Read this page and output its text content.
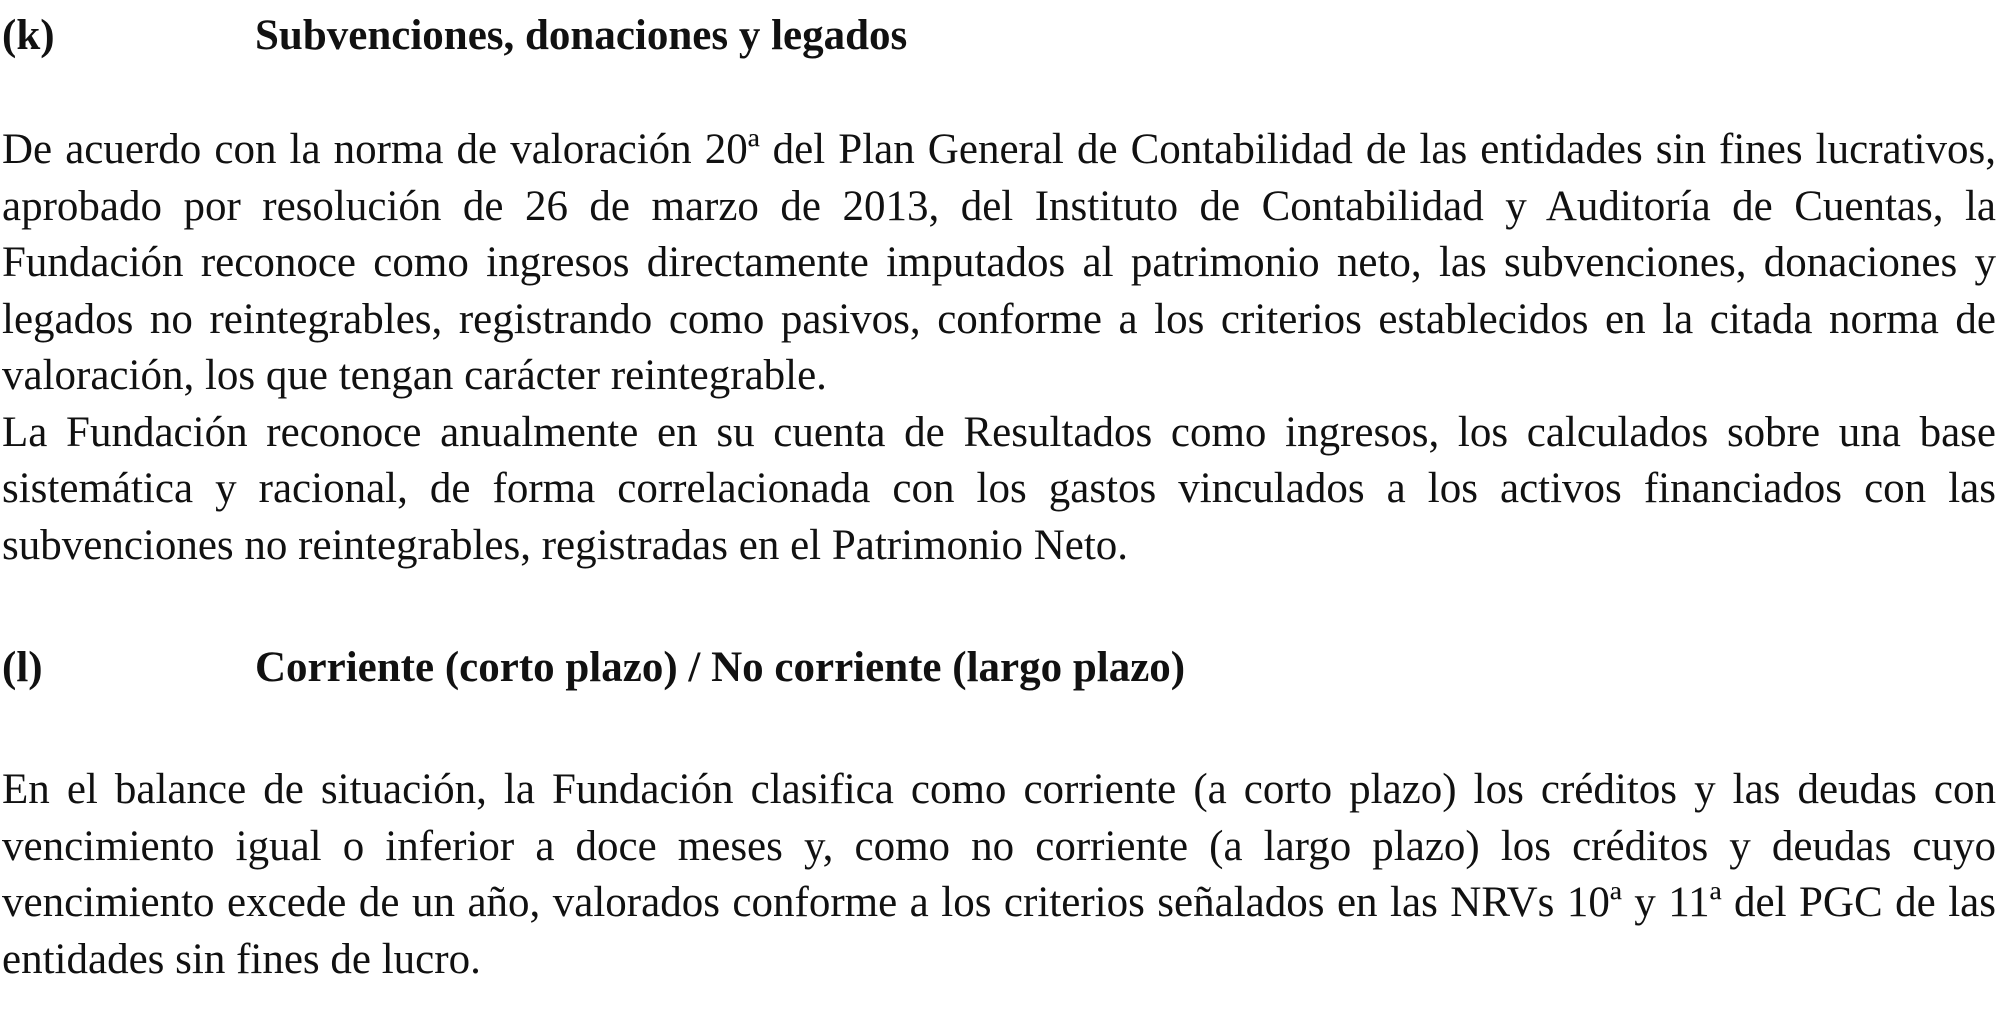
(k)	Subvenciones, donaciones y legados

De acuerdo con la norma de valoración 20ª del Plan General de Contabilidad de las entidades sin fines lucrativos, aprobado por resolución de 26 de marzo de 2013, del Instituto de Contabilidad y Auditoría de Cuentas, la Fundación reconoce como ingresos directamente imputados al patrimonio neto, las subvenciones, donaciones y legados no reintegrables, registrando como pasivos, conforme a los criterios establecidos en la citada norma de valoración, los que tengan carácter reintegrable.

La Fundación reconoce anualmente en su cuenta de Resultados como ingresos, los calculados sobre una base sistemática y racional, de forma correlacionada con los gastos vinculados a los activos financiados con las subvenciones no reintegrables, registradas en el Patrimonio Neto.

(l)	Corriente (corto plazo) / No corriente (largo plazo)

En el balance de situación, la Fundación clasifica como corriente (a corto plazo) los créditos y las deudas con vencimiento igual o inferior a doce meses y, como no corriente (a largo plazo) los créditos y deudas cuyo vencimiento excede de un año, valorados conforme a los criterios señalados en las NRVs 10ª y 11ª del PGC de las entidades sin fines de lucro.
